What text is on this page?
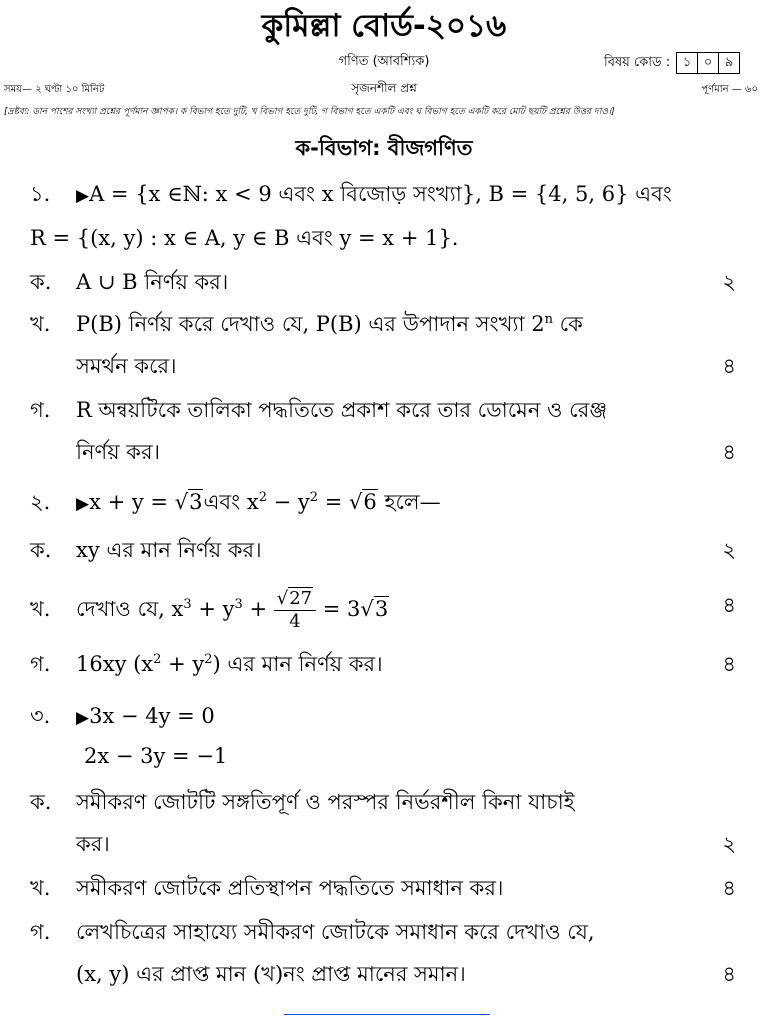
কুমিল্লা বোর্ড-২০১৬
গণিত (আবশ্যিক)	বিষয় কোড : ১ ০ ৯
সময়— ২ ঘণ্টা ১০ মিনিট	সৃজনশীল প্রশ্ন	পূর্ণমান — ৬০
[দ্রষ্টব্য: ডান পাশের সংখ্যা প্রশ্নের পূর্ণমান জ্ঞাপক। ক বিভাগ হতে দুটি, খ বিভাগ হতে দুটি, গ বিভাগ হতে একটি এবং ঘ বিভাগ হতে একটি করে মোট ছয়টি প্রশ্নের উত্তর দাও।]
ক-বিভাগ: বীজগণিত
১. ▶A = {x ∈ℕ: x < 9 এবং x বিজোড় সংখ্যা}, B = {4, 5, 6} এবং
R = {(x, y) : x ∈ A, y ∈ B এবং y = x + 1}.
ক. A ∪ B নির্ণয় কর।	২
খ. P(B) নির্ণয় করে দেখাও যে, P(B) এর উপাদান সংখ্যা 2$^n$ কে
সমর্থন করে।	৪
গ. R অন্বয়টিকে তালিকা পদ্ধতিতে প্রকাশ করে তার ডোমেন ও রেঞ্জ
নির্ণয় কর।	৪
২. ▶x + y = √3এবং $x^2 - y^2 = √6$ হলে—
ক. xy এর মান নির্ণয় কর।	২
খ. দেখাও যে, $x^3 + y^3 + \frac{√27}{4} = 3√3$	৪
গ. 16xy $(x^2 + y^2)$ এর মান নির্ণয় কর।	৪
৩. ▶3x − 4y = 0
2x − 3y = −1
ক. সমীকরণ জোটটি সঙ্গতিপূর্ণ ও পরস্পর নির্ভরশীল কিনা যাচাই
কর।	২
খ. সমীকরণ জোটকে প্রতিস্থাপন পদ্ধতিতে সমাধান কর।	৪
গ. লেখচিত্রের সাহায্যে সমীকরণ জোটকে সমাধান করে দেখাও যে,
(x, y) এর প্রাপ্ত মান (খ)নং প্রাপ্ত মানের সমান।	৪
